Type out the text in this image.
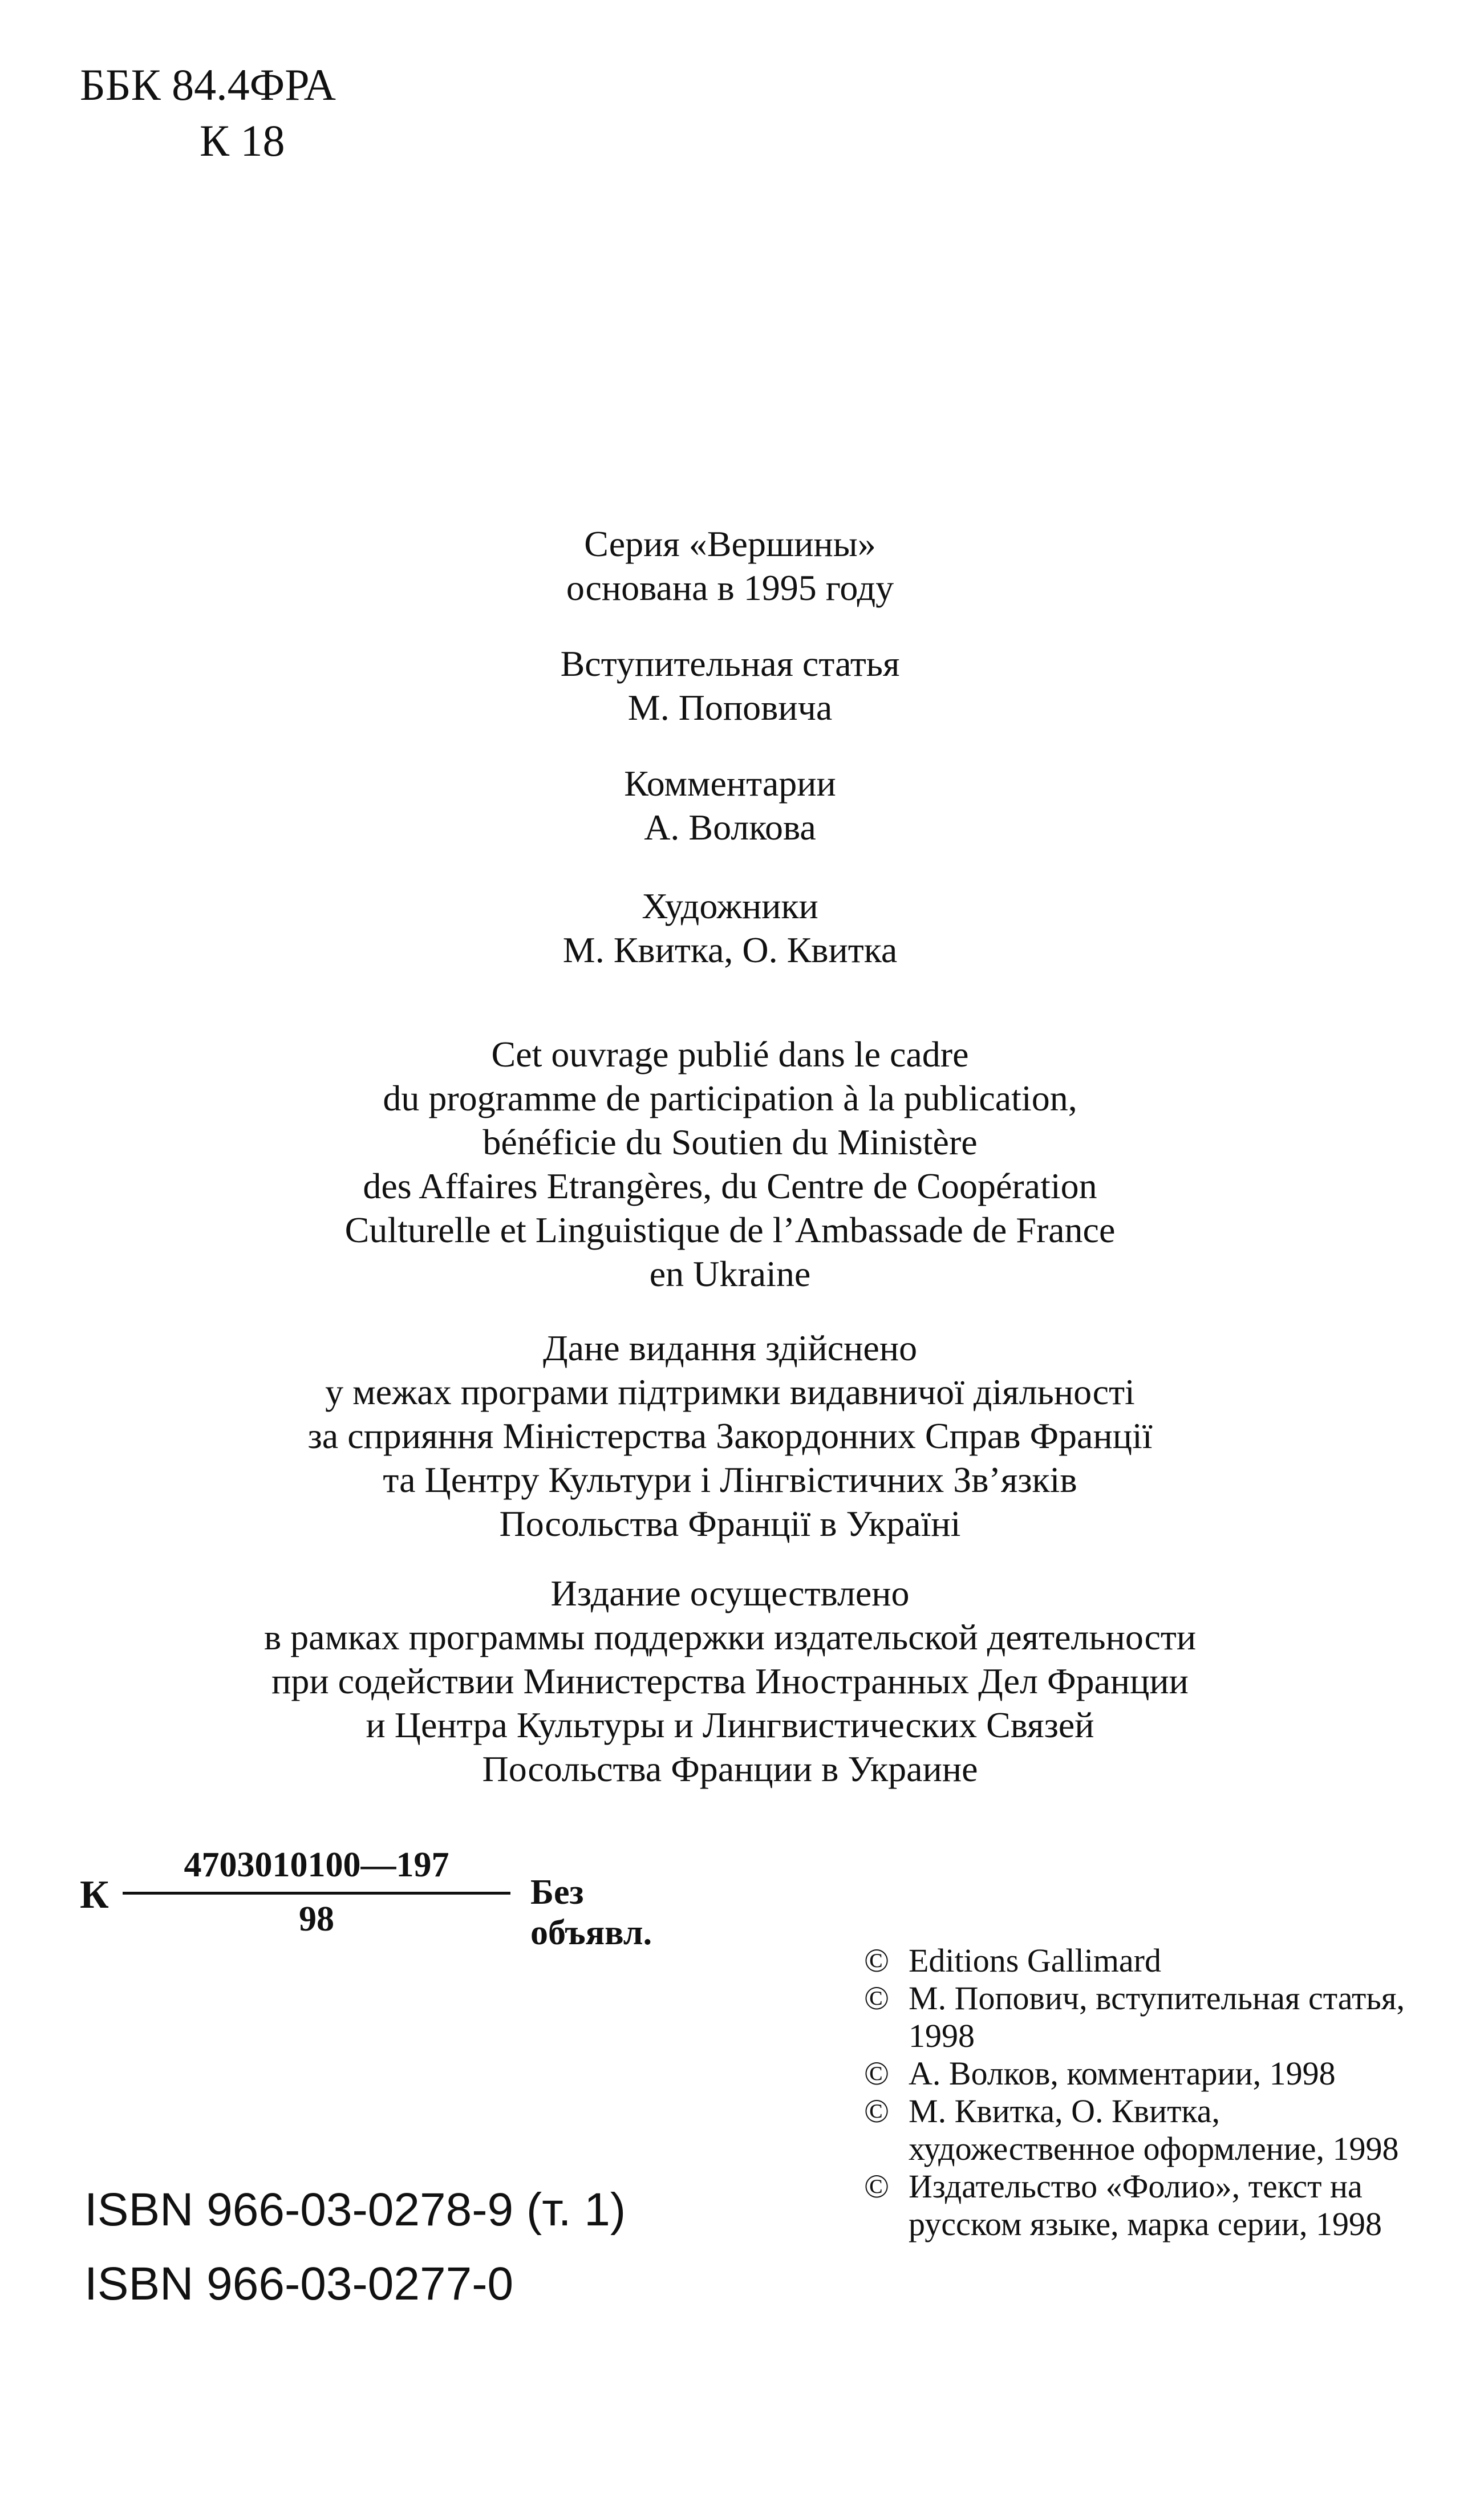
ББК 84.4ФРА
К 18

Серия «Вершины»

основана в 1995 году

Вступительная статья

М. Поповича

Комментарии

А. Волкова

Художники

М. Квитка, О. Квитка

Cet ouvrage publié dans le cadre

du programme de participation à la publication,

bénéficie du Soutien du Ministère

des Affaires Etrangères, du Centre de Coopération

Culturelle et Linguistique de l’Ambassade de France

en Ukraine

Дане видання здійснено

у межах програми підтримки видавничої діяльності

за сприяння Міністерства Закордонних Справ Франції

та Центру Культури і Лінгвістичних Зв’язків

Посольства Франції в Україні

Издание осуществлено

в рамках программы поддержки издательской деятельности

при содействии Министерства Иностранных Дел Франции

и Центра Культуры и Лингвистических Связей

Посольства Франции в Украине

К
4703010100—197
98
Без объявл.

© Editions Gallimard

© М. Попович, вступительная статья, 1998

© А. Волков, комментарии, 1998

© М. Квитка, О. Квитка, художественное оформление, 1998

© Издательство «Фолио», текст на русском языке, марка серии, 1998

ISBN 966-03-0278-9 (т. 1)

ISBN 966-03-0277-0
